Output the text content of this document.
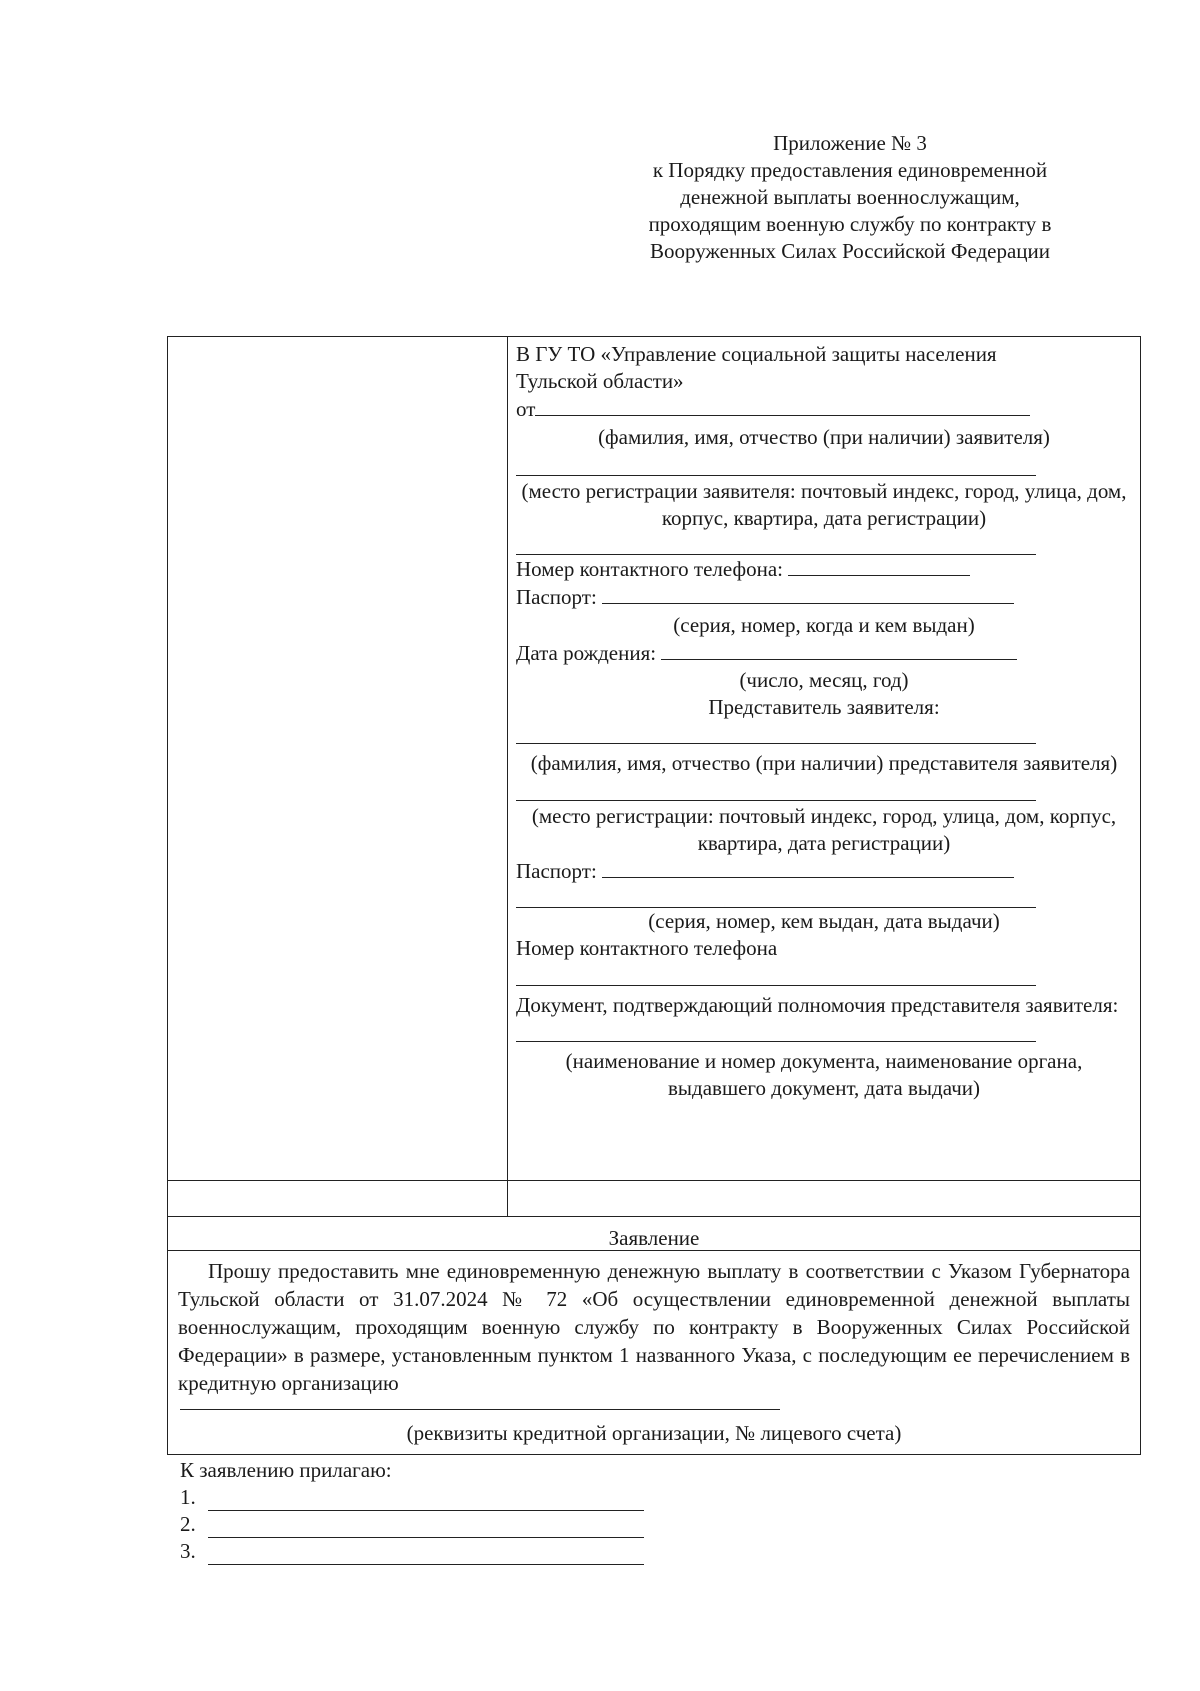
Приложение № 3
к Порядку предоставления единовременной
денежной выплаты военнослужащим,
проходящим военную службу по контракту в
Вооруженных Силах Российской Федерации
В ГУ ТО «Управление социальной защиты населения
Тульской области»
от
(фамилия, имя, отчество (при наличии) заявителя)
(место регистрации заявителя: почтовый индекс, город, улица, дом, корпус, квартира, дата регистрации)
Номер контактного телефона:
Паспорт:
(серия, номер, когда и кем выдан)
Дата рождения:
(число, месяц, год)
Представитель заявителя:
(фамилия, имя, отчество (при наличии) представителя заявителя)
(место регистрации: почтовый индекс, город, улица, дом, корпус, квартира, дата регистрации)
Паспорт:
(серия, номер, кем выдан, дата выдачи)
Номер контактного телефона
Документ, подтверждающий полномочия представителя заявителя:
(наименование и номер документа, наименование органа, выдавшего документ, дата выдачи)
Заявление
Прошу предоставить мне единовременную денежную выплату в соответствии с Указом Губернатора Тульской области от 31.07.2024 № 72 «Об осуществлении единовременной денежной выплаты военнослужащим, проходящим военную службу по контракту в Вооруженных Силах Российской Федерации» в размере, установленным пунктом 1 названного Указа, с последующим ее перечислением в кредитную организацию
(реквизиты кредитной организации, № лицевого счета)
К заявлению прилагаю:
1.
2.
3.
